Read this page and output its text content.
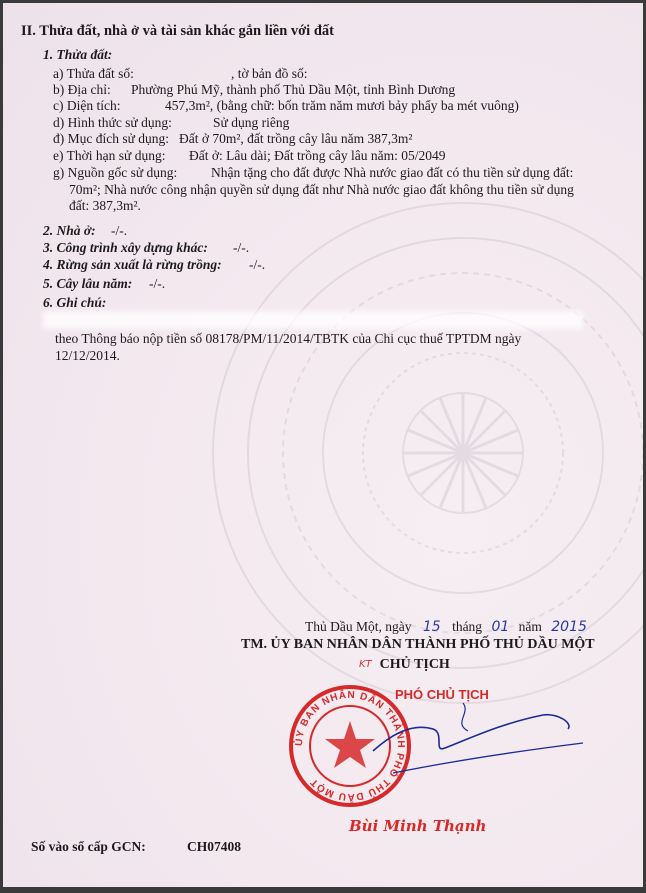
II. Thửa đất, nhà ở và tài sản khác gắn liền với đất
1. Thửa đất:
a) Thửa đất số:	, tờ bản đồ số:
b) Địa chỉ: Phường Phú Mỹ, thành phố Thủ Dầu Một, tỉnh Bình Dương
c) Diện tích:	457,3m², (bằng chữ: bốn trăm năm mươi bảy phẩy ba mét vuông)
d) Hình thức sử dụng:	Sử dụng riêng
đ) Mục đích sử dụng: Đất ở 70m², đất trồng cây lâu năm 387,3m²
e) Thời hạn sử dụng: Đất ở: Lâu dài; Đất trồng cây lâu năm: 05/2049
g) Nguồn gốc sử dụng: Nhận tặng cho đất được Nhà nước giao đất có thu tiền sử dụng đất:
70m²; Nhà nước công nhận quyền sử dụng đất như Nhà nước giao đất không thu tiền sử dụng
đất: 387,3m².
2. Nhà ở: -/-.
3. Công trình xây dựng khác: -/-.
4. Rừng sản xuất là rừng trồng: -/-.
5. Cây lâu năm: -/-.
6. Ghi chú:
theo Thông báo nộp tiền số 08178/PM/11/2014/TBTK của Chi cục thuế TPTDM ngày
12/12/2014.
Thủ Dầu Một, ngày 15 tháng 01 năm 2015
TM. ỦY BAN NHÂN DÂN THÀNH PHỐ THỦ DẦU MỘT
KT CHỦ TỊCH
ỦY BAN NHÂN DÂN THÀNH PHỐ THỦ DẦU MỘT
PHÓ CHỦ TỊCH
Bùi Minh Thạnh
Số vào sổ cấp GCN:	CH07408
